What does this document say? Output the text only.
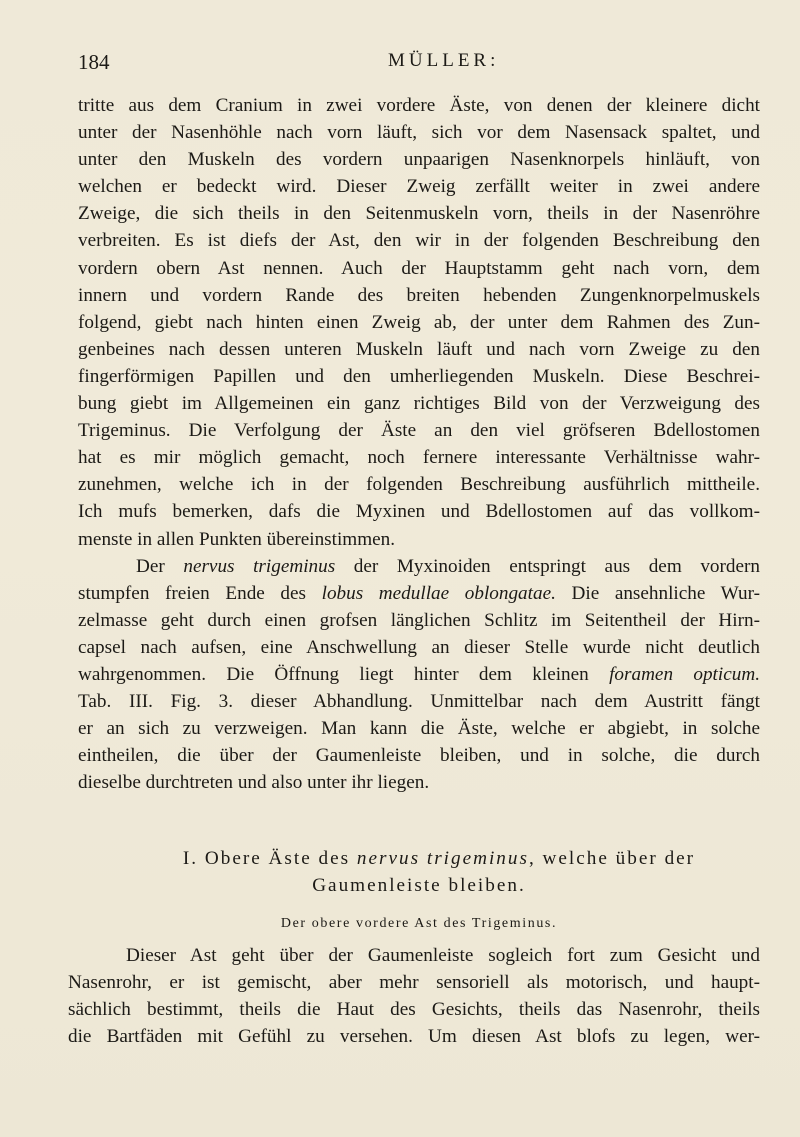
184	MÜLLER:
tritte aus dem Cranium in zwei vordere Äste, von denen der kleinere dicht
unter der Nasenhöhle nach vorn läuft, sich vor dem Nasensack spaltet, und
unter den Muskeln des vordern unpaarigen Nasenknorpels hinläuft, von
welchen er bedeckt wird. Dieser Zweig zerfällt weiter in zwei andere
Zweige, die sich theils in den Seitenmuskeln vorn, theils in der Nasenröhre
verbreiten. Es ist diefs der Ast, den wir in der folgenden Beschreibung den
vordern obern Ast nennen. Auch der Hauptstamm geht nach vorn, dem
innern und vordern Rande des breiten hebenden Zungenknorpelmuskels
folgend, giebt nach hinten einen Zweig ab, der unter dem Rahmen des Zun-
genbeines nach dessen unteren Muskeln läuft und nach vorn Zweige zu den
fingerförmigen Papillen und den umherliegenden Muskeln. Diese Beschrei-
bung giebt im Allgemeinen ein ganz richtiges Bild von der Verzweigung des
Trigeminus. Die Verfolgung der Äste an den viel gröfseren Bdellostomen
hat es mir möglich gemacht, noch fernere interessante Verhältnisse wahr-
zunehmen, welche ich in der folgenden Beschreibung ausführlich mittheile.
Ich mufs bemerken, dafs die Myxinen und Bdellostomen auf das vollkom-
menste in allen Punkten übereinstimmen.
Der nervus trigeminus der Myxinoiden entspringt aus dem vordern
stumpfen freien Ende des lobus medullae oblongatae. Die ansehnliche Wur-
zelmasse geht durch einen grofsen länglichen Schlitz im Seitentheil der Hirn-
capsel nach aufsen, eine Anschwellung an dieser Stelle wurde nicht deutlich
wahrgenommen. Die Öffnung liegt hinter dem kleinen foramen opticum.
Tab. III. Fig. 3. dieser Abhandlung. Unmittelbar nach dem Austritt fängt
er an sich zu verzweigen. Man kann die Äste, welche er abgiebt, in solche
eintheilen, die über der Gaumenleiste bleiben, und in solche, die durch
dieselbe durchtreten und also unter ihr liegen.
I. Obere Äste des nervus trigeminus, welche über der
Gaumenleiste bleiben.
Der obere vordere Ast des Trigeminus.
Dieser Ast geht über der Gaumenleiste sogleich fort zum Gesicht und
Nasenrohr, er ist gemischt, aber mehr sensoriell als motorisch, und haupt-
sächlich bestimmt, theils die Haut des Gesichts, theils das Nasenrohr, theils
die Bartfäden mit Gefühl zu versehen. Um diesen Ast blofs zu legen, wer-
